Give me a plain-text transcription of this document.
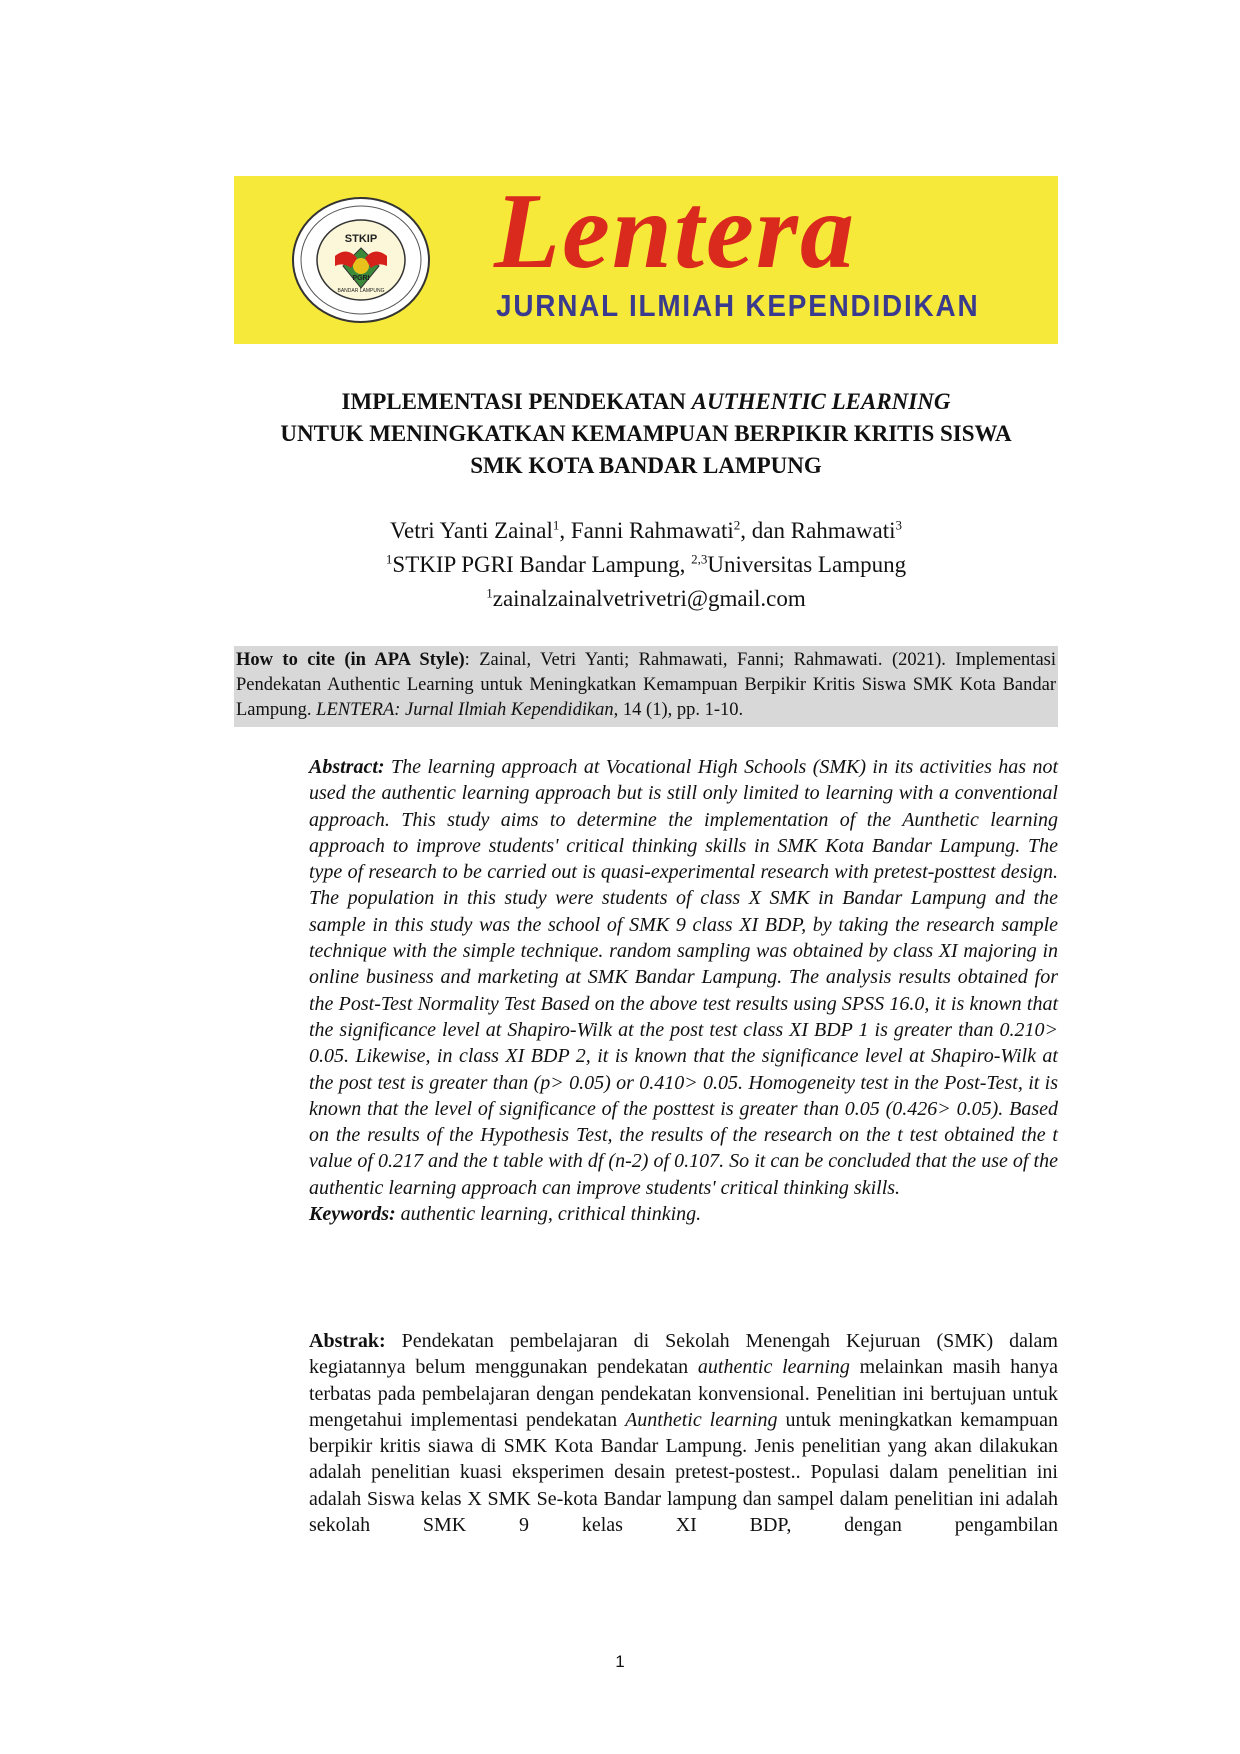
STKIP
PGRI
BANDAR LAMPUNG Lentera
JURNAL ILMIAH KEPENDIDIKAN
IMPLEMENTASI PENDEKATAN AUTHENTIC LEARNING
UNTUK MENINGKATKAN KEMAMPUAN BERPIKIR KRITIS SISWA
SMK KOTA BANDAR LAMPUNG
Vetri Yanti Zainal$^1$, Fanni Rahmawati$^2$, dan Rahmawati$^3$
$^1$STKIP PGRI Bandar Lampung, $^{2,3}$Universitas Lampung
$^1$zainalzainalvetrivetri@gmail.com
How to cite (in APA Style): Zainal, Vetri Yanti; Rahmawati, Fanni; Rahmawati. (2021). Implementasi Pendekatan Authentic Learning untuk Meningkatkan Kemampuan Berpikir Kritis Siswa SMK Kota Bandar Lampung. LENTERA: Jurnal Ilmiah Kependidikan, 14 (1), pp. 1-10.
Abstract: The learning approach at Vocational High Schools (SMK) in its activities has not used the authentic learning approach but is still only limited to learning with a conventional approach. This study aims to determine the implementation of the Aunthetic learning approach to improve students' critical thinking skills in SMK Kota Bandar Lampung. The type of research to be carried out is quasi-experimental research with pretest-posttest design. The population in this study were students of class X SMK in Bandar Lampung and the sample in this study was the school of SMK 9 class XI BDP, by taking the research sample technique with the simple technique. random sampling was obtained by class XI majoring in online business and marketing at SMK Bandar Lampung. The analysis results obtained for the Post-Test Normality Test Based on the above test results using SPSS 16.0, it is known that the significance level at Shapiro-Wilk at the post test class XI BDP 1 is greater than 0.210> 0.05. Likewise, in class XI BDP 2, it is known that the significance level at Shapiro-Wilk at the post test is greater than (p> 0.05) or 0.410> 0.05. Homogeneity test in the Post-Test, it is known that the level of significance of the posttest is greater than 0.05 (0.426> 0.05). Based on the results of the Hypothesis Test, the results of the research on the t test obtained the t value of 0.217 and the t table with df (n-2) of 0.107. So it can be concluded that the use of the authentic learning approach can improve students' critical thinking skills.
Keywords: authentic learning, crithical thinking.
Abstrak: Pendekatan pembelajaran di Sekolah Menengah Kejuruan (SMK) dalam kegiatannya belum menggunakan pendekatan authentic learning melainkan masih hanya terbatas pada pembelajaran dengan pendekatan konvensional. Penelitian ini bertujuan untuk mengetahui implementasi pendekatan Aunthetic learning untuk meningkatkan kemampuan berpikir kritis siawa di SMK Kota Bandar Lampung. Jenis penelitian yang akan dilakukan adalah penelitian kuasi eksperimen desain pretest-postest.. Populasi dalam penelitian ini adalah Siswa kelas X SMK Se-kota Bandar lampung dan sampel dalam penelitian ini adalah sekolah SMK 9 kelas XI BDP, dengan pengambilan
1
